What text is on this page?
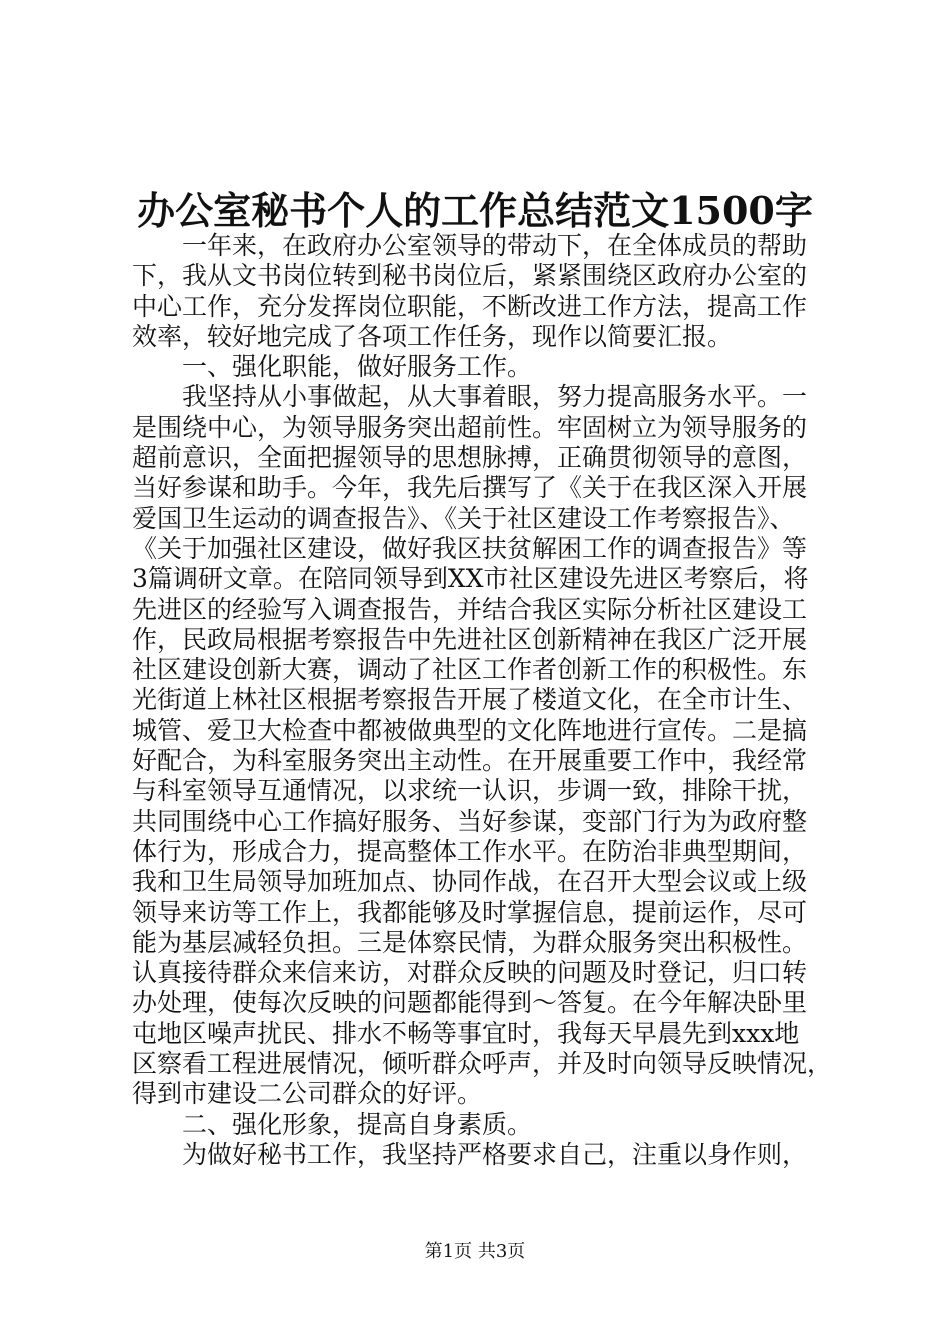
办公室秘书个人的工作总结范文1500字
一年来，在政府办公室领导的带动下，在全体成员的帮助
下，我从文书岗位转到秘书岗位后，紧紧围绕区政府办公室的
中心工作，充分发挥岗位职能，不断改进工作方法，提高工作
效率，较好地完成了各项工作任务，现作以简要汇报。
一、强化职能，做好服务工作。
我坚持从小事做起，从大事着眼，努力提高服务水平。一
是围绕中心，为领导服务突出超前性。牢固树立为领导服务的
超前意识，全面把握领导的思想脉搏，正确贯彻领导的意图，
当好参谋和助手。今年，我先后撰写了《关于在我区深入开展
爱国卫生运动的调查报告》、《关于社区建设工作考察报告》、
《关于加强社区建设，做好我区扶贫解困工作的调查报告》等
3篇调研文章。在陪同领导到XX市社区建设先进区考察后，将
先进区的经验写入调查报告，并结合我区实际分析社区建设工
作，民政局根据考察报告中先进社区创新精神在我区广泛开展
社区建设创新大赛，调动了社区工作者创新工作的积极性。东
光街道上林社区根据考察报告开展了楼道文化，在全市计生、
城管、爱卫大检查中都被做典型的文化阵地进行宣传。二是搞
好配合，为科室服务突出主动性。在开展重要工作中，我经常
与科室领导互通情况，以求统一认识，步调一致，排除干扰，
共同围绕中心工作搞好服务、当好参谋，变部门行为为政府整
体行为，形成合力，提高整体工作水平。在防治非典型期间，
我和卫生局领导加班加点、协同作战，在召开大型会议或上级
领导来访等工作上，我都能够及时掌握信息，提前运作，尽可
能为基层减轻负担。三是体察民情，为群众服务突出积极性。
认真接待群众来信来访，对群众反映的问题及时登记，归口转
办处理，使每次反映的问题都能得到～答复。在今年解决卧里
屯地区噪声扰民、排水不畅等事宜时，我每天早晨先到xxx地
区察看工程进展情况，倾听群众呼声，并及时向领导反映情况，
得到市建设二公司群众的好评。
二、强化形象，提高自身素质。
为做好秘书工作，我坚持严格要求自己，注重以身作则，
第1页 共3页
